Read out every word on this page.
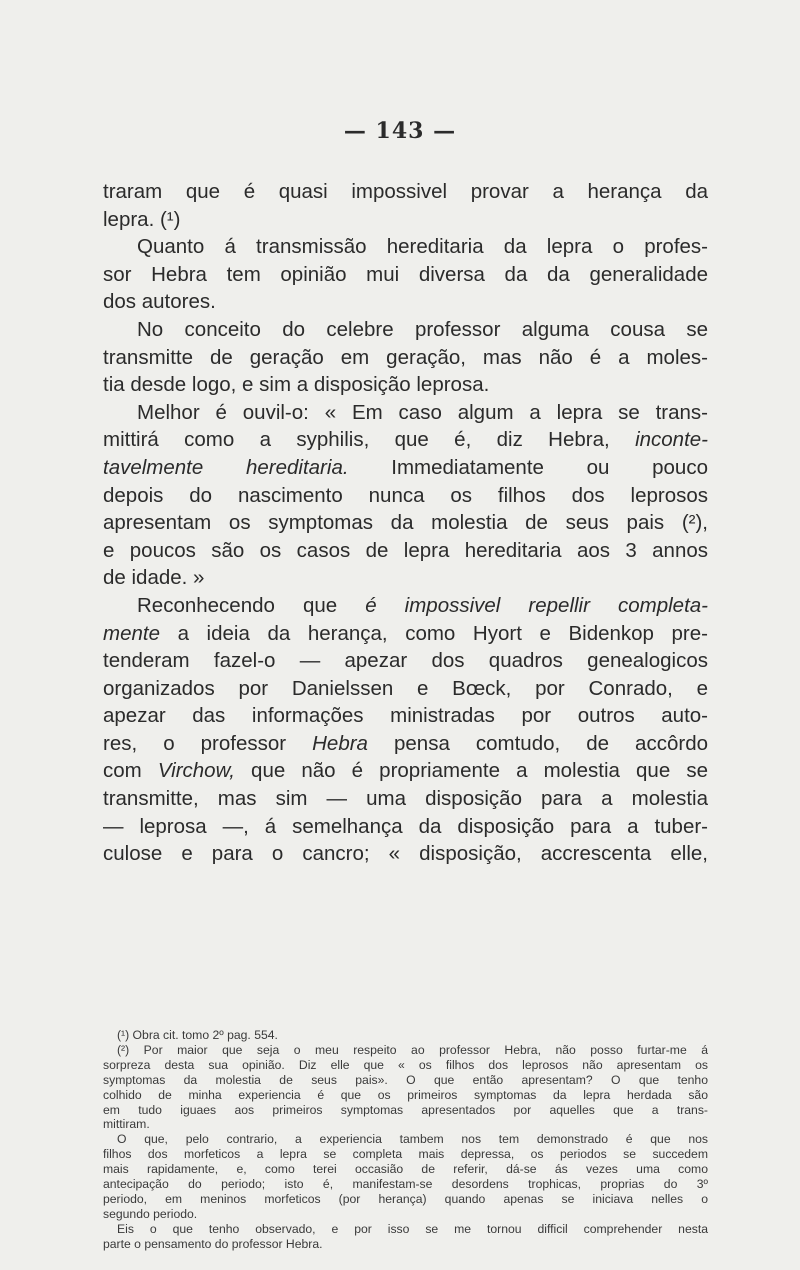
— 143 —
traram que é quasi impossivel provar a herança da
lepra. (¹)
Quanto á transmissão hereditaria da lepra o profes-
sor Hebra tem opinião mui diversa da da generalidade
dos autores.
No conceito do celebre professor alguma cousa se
transmitte de geração em geração, mas não é a moles-
tia desde logo, e sim a disposição leprosa.
Melhor é ouvil-o: « Em caso algum a lepra se trans-
mittirá como a syphilis, que é, diz Hebra, inconte-
tavelmente hereditaria. Immediatamente ou pouco
depois do nascimento nunca os filhos dos leprosos
apresentam os symptomas da molestia de seus pais (²),
e poucos são os casos de lepra hereditaria aos 3 annos
de idade. »
Reconhecendo que é impossivel repellir completa-
mente a ideia da herança, como Hyort e Bidenkop pre-
tenderam fazel-o — apezar dos quadros genealogicos
organizados por Danielssen e Bœck, por Conrado, e
apezar das informações ministradas por outros auto-
res, o professor Hebra pensa comtudo, de accôrdo
com Virchow, que não é propriamente a molestia que se
transmitte, mas sim — uma disposição para a molestia
— leprosa —, á semelhança da disposição para a tuber-
culose e para o cancro; « disposição, accrescenta elle,
(¹) Obra cit. tomo 2º pag. 554.
(²) Por maior que seja o meu respeito ao professor Hebra, não posso furtar-me á
sorpreza desta sua opinião. Diz elle que « os filhos dos leprosos não apresentam os
symptomas da molestia de seus pais». O que então apresentam? O que tenho
colhido de minha experiencia é que os primeiros symptomas da lepra herdada são
em tudo iguaes aos primeiros symptomas apresentados por aquelles que a trans-
mittiram.
O que, pelo contrario, a experiencia tambem nos tem demonstrado é que nos
filhos dos morfeticos a lepra se completa mais depressa, os periodos se succedem
mais rapidamente, e, como terei occasião de referir, dá-se ás vezes uma como
antecipação do periodo; isto é, manifestam-se desordens trophicas, proprias do 3º
periodo, em meninos morfeticos (por herança) quando apenas se iniciava nelles o
segundo periodo.
Eis o que tenho observado, e por isso se me tornou difficil comprehender nesta
parte o pensamento do professor Hebra.
